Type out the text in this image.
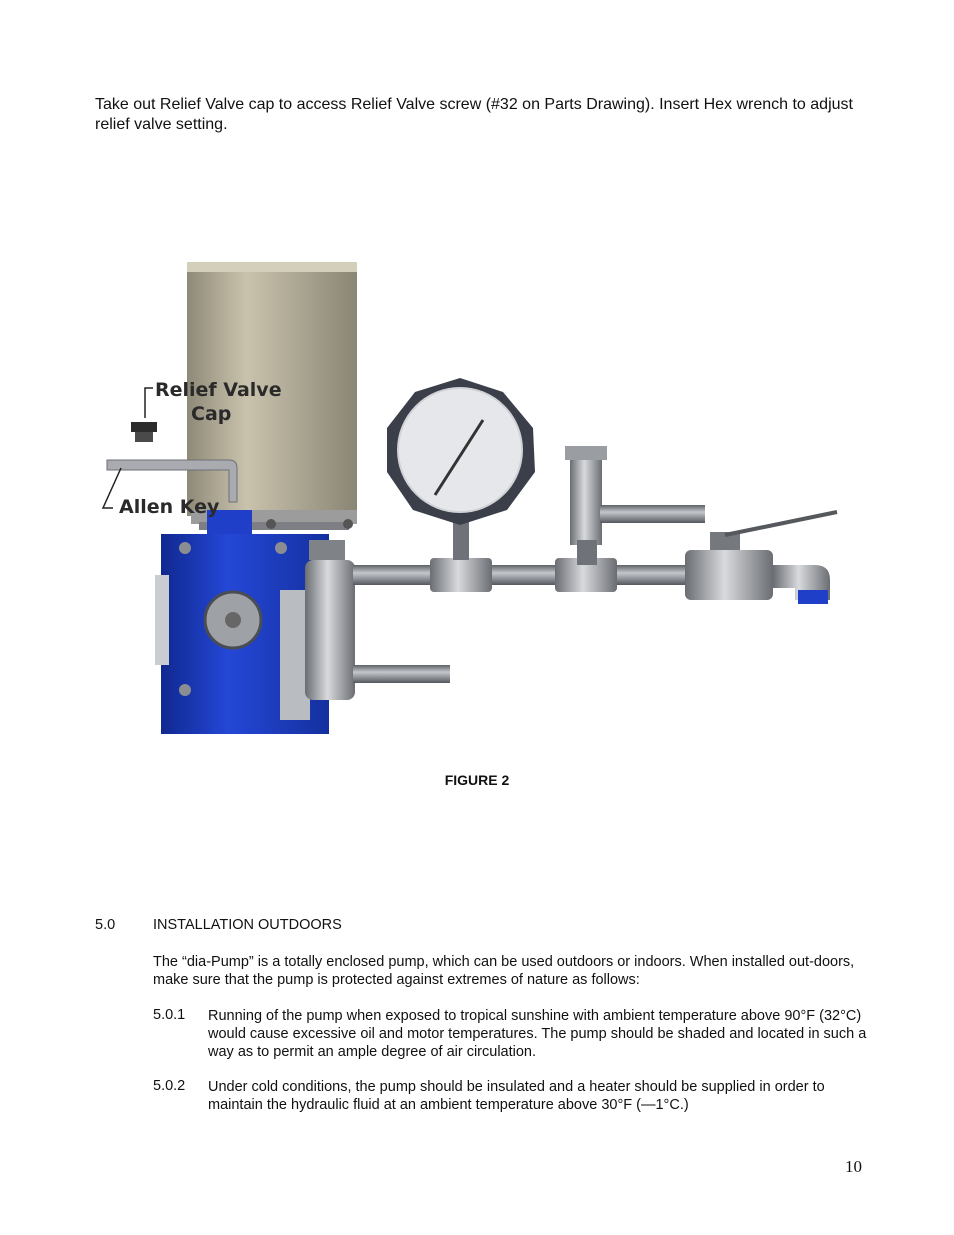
Take out Relief Valve cap to access Relief Valve screw (#32 on Parts Drawing). Insert Hex wrench to adjust relief valve setting.
Relief Valve
Cap
Allen Key
FIGURE 2
5.0	INSTALLATION OUTDOORS
The “dia-Pump” is a totally enclosed pump, which can be used outdoors or indoors. When installed out-doors, make sure that the pump is protected against extremes of nature as follows:
5.0.1 Running of the pump when exposed to tropical sunshine with ambient temperature above 90°F (32°C) would cause excessive oil and motor temperatures. The pump should be shaded and located in such a way as to permit an ample degree of air circulation.
5.0.2 Under cold conditions, the pump should be insulated and a heater should be supplied in order to maintain the hydraulic fluid at an ambient temperature above 30°F (—1°C.)
10
